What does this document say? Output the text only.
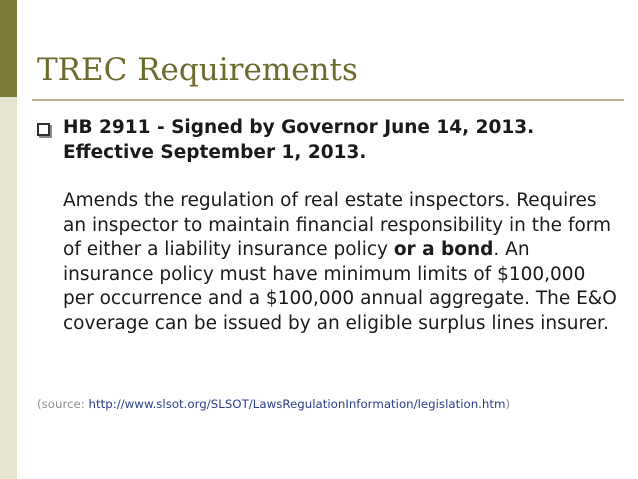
TREC Requirements

HB 2911 - Signed by Governor June 14, 2013. Effective September 1, 2013.

Amends the regulation of real estate inspectors. Requires an inspector to maintain financial responsibility in the form of either a liability insurance policy or a bond. An insurance policy must have minimum limits of $100,000 per occurrence and a $100,000 annual aggregate. The E&O coverage can be issued by an eligible surplus lines insurer.

(source: http://www.slsot.org/SLSOT/LawsRegulationInformation/legislation.htm)
